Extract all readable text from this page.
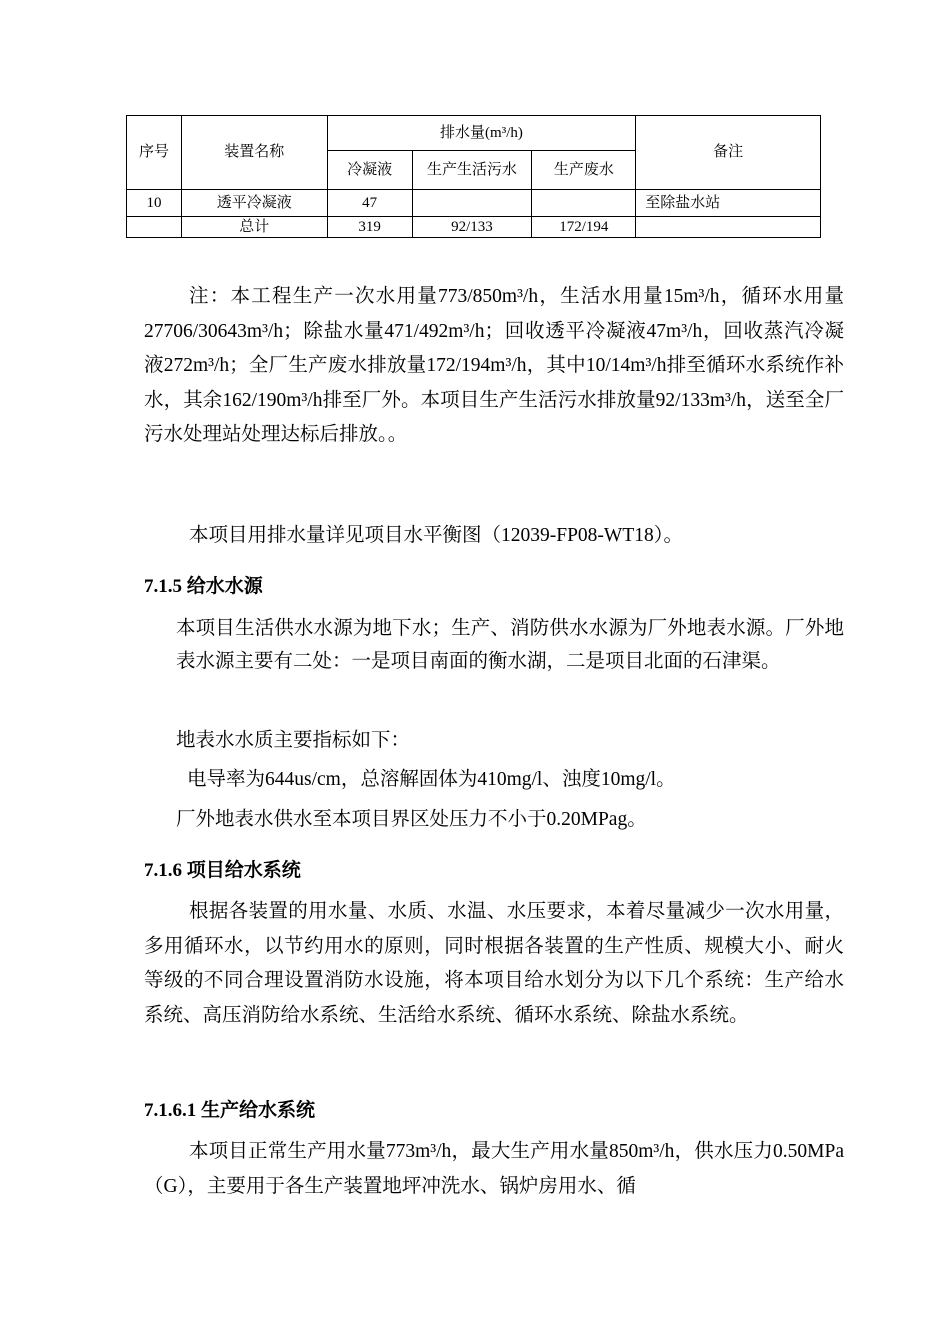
序号	装置名称	排水量(m³/h)			备注
		冷凝液	生产生活污水	生产废水	
10	透平冷凝液	47			至除盐水站
	总计	319	92/133	172/194	

注：本工程生产一次水用量773/850m³/h，生活水用量15m³/h，循环水用量27706/30643m³/h；除盐水量471/492m³/h；回收透平冷凝液47m³/h，回收蒸汽冷凝液272m³/h；全厂生产废水排放量172/194m³/h，其中10/14m³/h排至循环水系统作补水，其余162/190m³/h排至厂外。本项目生产生活污水排放量92/133m³/h，送至全厂污水处理站处理达标后排放。。

本项目用排水量详见项目水平衡图（12039-FP08-WT18）。

7.1.5 给水水源

本项目生活供水水源为地下水；生产、消防供水水源为厂外地表水源。厂外地表水源主要有二处：一是项目南面的衡水湖，二是项目北面的石津渠。

地表水水质主要指标如下：
电导率为644us/cm，总溶解固体为410mg/l、浊度10mg/l。
厂外地表水供水至本项目界区处压力不小于0.20MPag。
7.1.6 项目给水系统

根据各装置的用水量、水质、水温、水压要求，本着尽量减少一次水用量，多用循环水，以节约用水的原则，同时根据各装置的生产性质、规模大小、耐火等级的不同合理设置消防水设施，将本项目给水划分为以下几个系统：生产给水系统、高压消防给水系统、生活给水系统、循环水系统、除盐水系统。

7.1.6.1 生产给水系统

本项目正常生产用水量773m³/h，最大生产用水量850m³/h，供水压力0.50MPa（G），主要用于各生产装置地坪冲洗水、锅炉房用水、循
